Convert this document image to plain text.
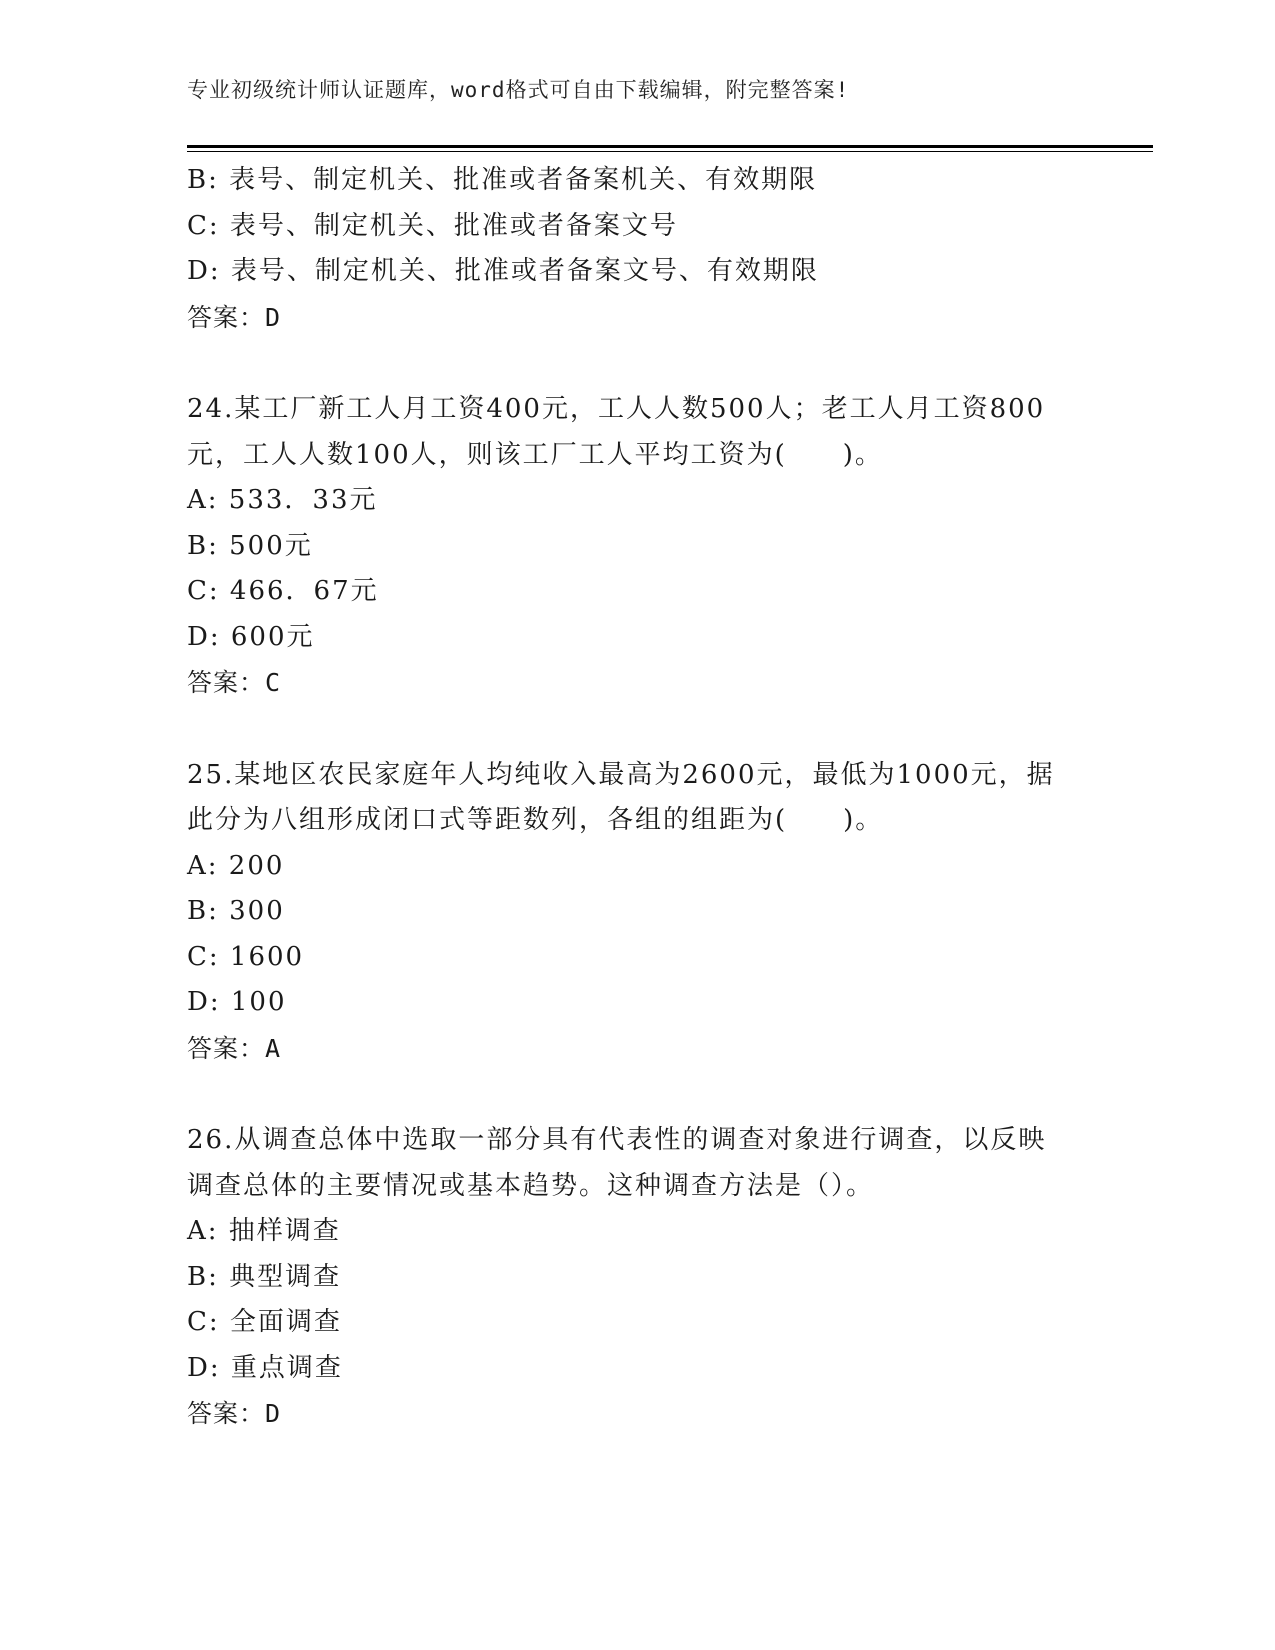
专业初级统计师认证题库，word格式可自由下载编辑，附完整答案!

B: 表号、制定机关、批准或者备案机关、有效期限

C: 表号、制定机关、批准或者备案文号

D: 表号、制定机关、批准或者备案文号、有效期限

答案：D

24.某工厂新工人月工资400元，工人人数500人；老工人月工资800

元，工人人数100人，则该工厂工人平均工资为(　　)。

A: 533．33元

B: 500元

C: 466．67元

D: 600元

答案：C

25.某地区农民家庭年人均纯收入最高为2600元，最低为1000元，据

此分为八组形成闭口式等距数列，各组的组距为(　　)。

A: 200

B: 300

C: 1600

D: 100

答案：A

26.从调查总体中选取一部分具有代表性的调查对象进行调查，以反映

调查总体的主要情况或基本趋势。这种调查方法是（）。

A: 抽样调查

B: 典型调查

C: 全面调查

D: 重点调查

答案：D
